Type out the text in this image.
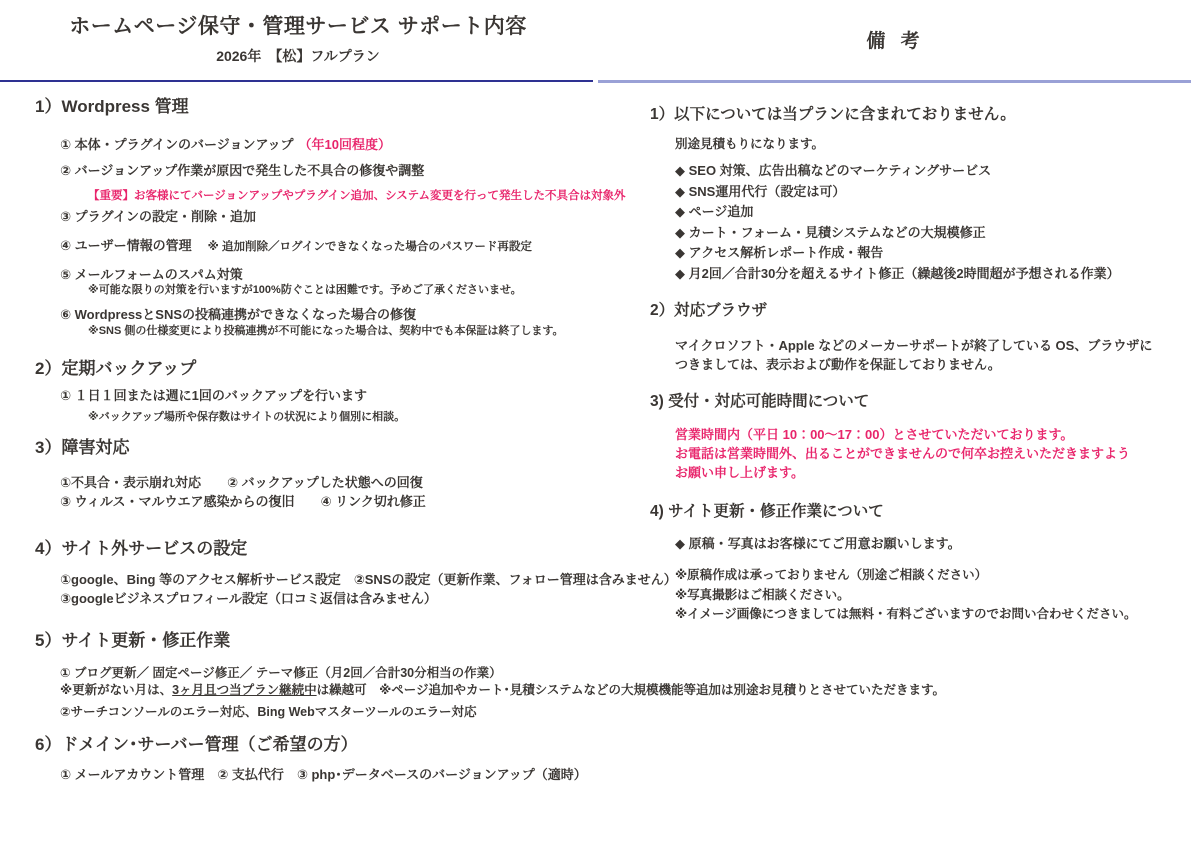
ホームページ保守・管理サービス サポート内容
2026年　【松】フルプラン
備 考
1）Wordpress 管理
① 本体・プラグインのバージョンアップ （年10回程度）
② バージョンアップ作業が原因で発生した不具合の修復や調整
【重要】お客様にてバージョンアップやプラグイン追加、システム変更を行って発生した不具合は対象外
③ プラグインの設定・削除・追加
④ ユーザー情報の管理 ※ 追加削除／ログインできなくなった場合のパスワード再設定
⑤ メールフォームのスパム対策
※可能な限りの対策を行いますが100%防ぐことは困難です。予めご了承くださいませ。
⑥ WordpressとSNSの投稿連携ができなくなった場合の修復
※SNS 側の仕様変更により投稿連携が不可能になった場合は、契約中でも本保証は終了します。
2）定期バックアップ
① １日１回または週に1回のバックアップを行います
※バックアップ場所や保存数はサイトの状況により個別に相談。
3）障害対応
①不具合・表示崩れ対応　　② バックアップした状態への回復
③ ウィルス・マルウエア感染からの復旧　　④ リンク切れ修正
4）サイト外サービスの設定
①google、Bing 等のアクセス解析サービス設定　②SNSの設定（更新作業、フォロー管理は含みません）
③googleビジネスプロフィール設定（口コミ返信は含みません）
5）サイト更新・修正作業
① ブログ更新／ 固定ページ修正／ テーマ修正（月2回／合計30分相当の作業）
※更新がない月は、3ヶ月且つ当プラン継続中は繰越可　※ページ追加やカート･見積システムなどの大規模機能等追加は別途お見積りとさせていただきます。
②サーチコンソールのエラー対応、Bing Webマスターツールのエラー対応
6）ドメイン･サーバー管理（ご希望の方）
① メールアカウント管理　② 支払代行　③ php･データベースのバージョンアップ（適時）
1）以下については当プランに含まれておりません。
別途見積もりになります。
◆ SEO 対策、広告出稿などのマーケティングサービス
◆ SNS運用代行（設定は可）
◆ ページ追加
◆ カート・フォーム・見積システムなどの大規模修正
◆ アクセス解析レポート作成・報告
◆ 月2回／合計30分を超えるサイト修正（繰越後2時間超が予想される作業）
2）対応ブラウザ
マイクロソフト・Apple などのメーカーサポートが終了している OS、ブラウザに
つきましては、表示および動作を保証しておりません。
3) 受付・対応可能時間について
営業時間内（平日 10：00～17：00）とさせていただいております。
お電話は営業時間外、出ることができませんので何卒お控えいただきますよう
お願い申し上げます。
4) サイト更新・修正作業について
◆ 原稿・写真はお客様にてご用意お願いします。
※原稿作成は承っておりません（別途ご相談ください）
※写真撮影はご相談ください。
※イメージ画像につきましては無料・有料ございますのでお問い合わせください。
